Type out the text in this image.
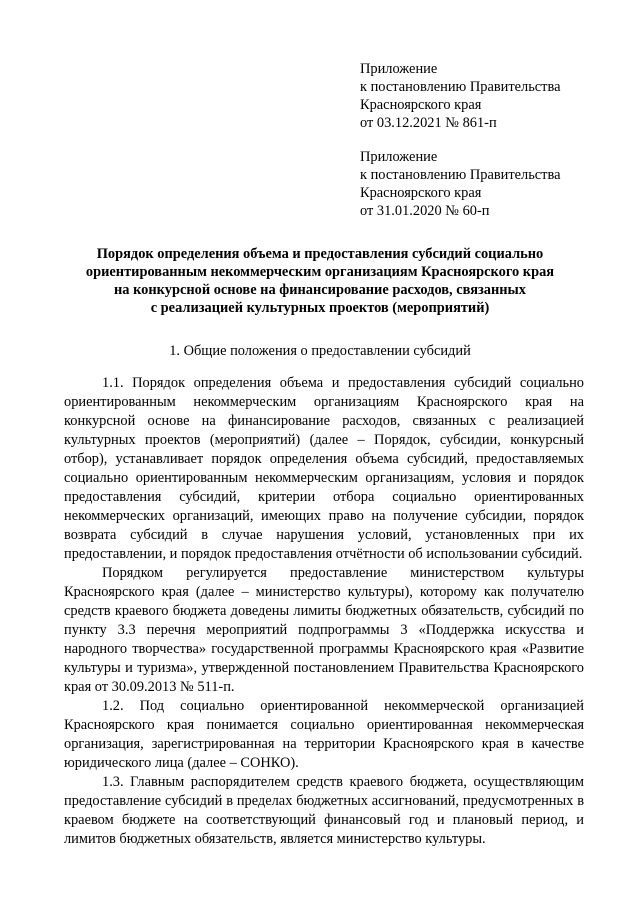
Приложение
к постановлению Правительства
Красноярского края
от 03.12.2021 № 861-п
Приложение
к постановлению Правительства
Красноярского края
от 31.01.2020 № 60-п
Порядок определения объема и предоставления субсидий социально
ориентированным некоммерческим организациям Красноярского края
на конкурсной основе на финансирование расходов, связанных
с реализацией культурных проектов (мероприятий)
1. Общие положения о предоставлении субсидий

1.1. Порядок определения объема и предоставления субсидий социально ориентированным некоммерческим организациям Красноярского края на конкурсной основе на финансирование расходов, связанных с реализацией культурных проектов (мероприятий) (далее – Порядок, субсидии, конкурсный отбор), устанавливает порядок определения объема субсидий, предоставляемых социально ориентированным некоммерческим организациям, условия и порядок предоставления субсидий, критерии отбора социально ориентированных некоммерческих организаций, имеющих право на получение субсидии, порядок возврата субсидий в случае нарушения условий, установленных при их предоставлении, и порядок предоставления отчётности об использовании субсидий.

Порядком регулируется предоставление министерством культуры Красноярского края (далее – министерство культуры), которому как получателю средств краевого бюджета доведены лимиты бюджетных обязательств, субсидий по пункту 3.3 перечня мероприятий подпрограммы 3 «Поддержка искусства и народного творчества» государственной программы Красноярского края «Развитие культуры и туризма», утвержденной постановлением Правительства Красноярского края от 30.09.2013 № 511-п.

1.2. Под социально ориентированной некоммерческой организацией Красноярского края понимается социально ориентированная некоммерческая организация, зарегистрированная на территории Красноярского края в качестве юридического лица (далее – СОНКО).

1.3. Главным распорядителем средств краевого бюджета, осуществляющим предоставление субсидий в пределах бюджетных ассигнований, предусмотренных в краевом бюджете на соответствующий финансовый год и плановый период, и лимитов бюджетных обязательств, является министерство культуры.
